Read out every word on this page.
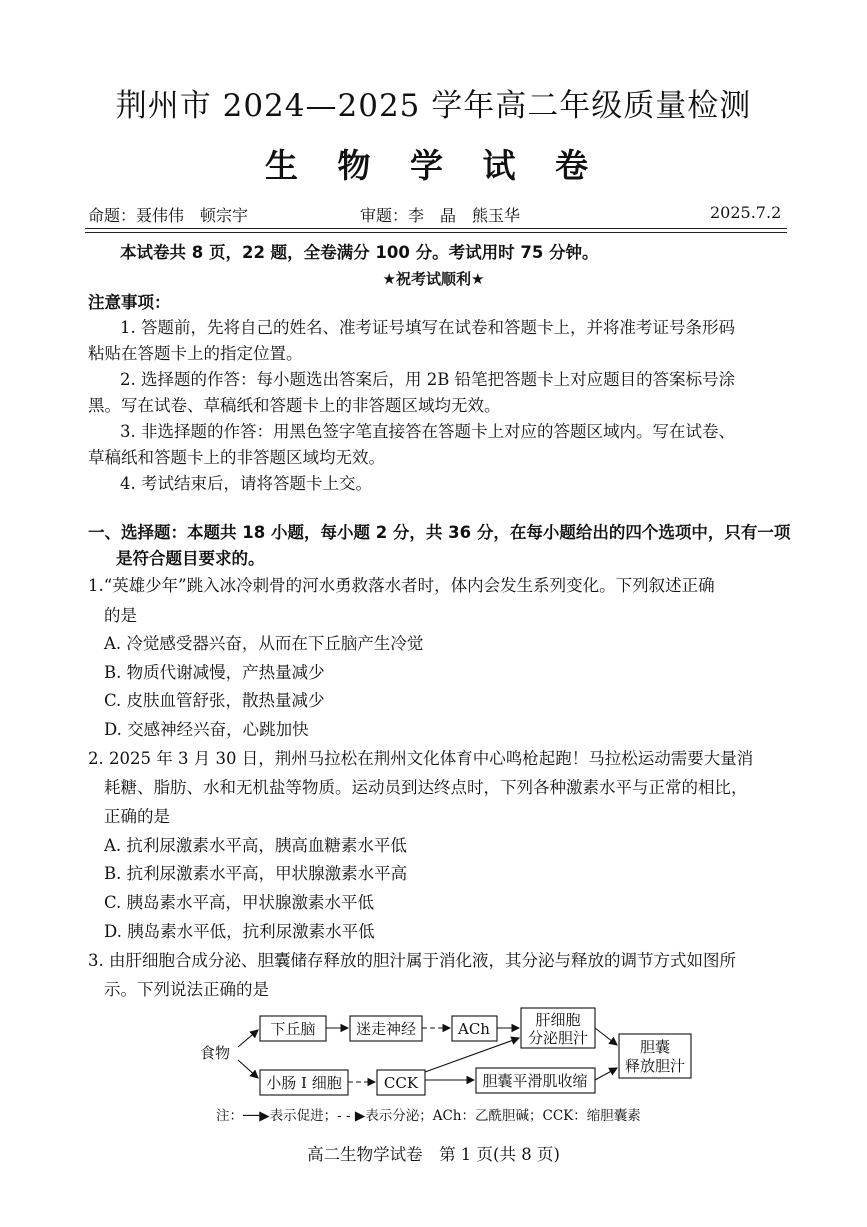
荆州市 2024—2025 学年高二年级质量检测
生 物 学 试 卷
命题：聂伟伟　顿宗宇	审题：李　晶　熊玉华	2025.7.2
本试卷共 8 页，22 题，全卷满分 100 分。考试用时 75 分钟。
★祝考试顺利★
注意事项：
1. 答题前，先将自己的姓名、准考证号填写在试卷和答题卡上，并将准考证号条形码
粘贴在答题卡上的指定位置。
2. 选择题的作答：每小题选出答案后，用 2B 铅笔把答题卡上对应题目的答案标号涂
黑。写在试卷、草稿纸和答题卡上的非答题区域均无效。
3. 非选择题的作答：用黑色签字笔直接答在答题卡上对应的答题区域内。写在试卷、
草稿纸和答题卡上的非答题区域均无效。
4. 考试结束后，请将答题卡上交。
一、选择题：本题共 18 小题，每小题 2 分，共 36 分，在每小题给出的四个选项中，只有一项
是符合题目要求的。
1.“英雄少年”跳入冰冷刺骨的河水勇救落水者时，体内会发生系列变化。下列叙述正确
的是
A. 冷觉感受器兴奋，从而在下丘脑产生冷觉
B. 物质代谢减慢，产热量减少
C. 皮肤血管舒张，散热量减少
D. 交感神经兴奋，心跳加快
2. 2025 年 3 月 30 日，荆州马拉松在荆州文化体育中心鸣枪起跑！马拉松运动需要大量消
耗糖、脂肪、水和无机盐等物质。运动员到达终点时，下列各种激素水平与正常的相比，
正确的是
A. 抗利尿激素水平高，胰高血糖素水平低
B. 抗利尿激素水平高，甲状腺激素水平高
C. 胰岛素水平高，甲状腺激素水平低
D. 胰岛素水平低，抗利尿激素水平低
3. 由肝细胞合成分泌、胆囊储存释放的胆汁属于消化液，其分泌与释放的调节方式如图所
示。下列说法正确的是
食物
下丘脑	迷走神经	ACh	肝细胞
分泌胆汁
小肠 I 细胞	CCK	胆囊平滑肌收缩
胆囊
释放胆汁
注：──▶表示促进；- - ▶表示分泌；ACh：乙酰胆碱；CCK：缩胆囊素
高二生物学试卷　第 1 页(共 8 页)
